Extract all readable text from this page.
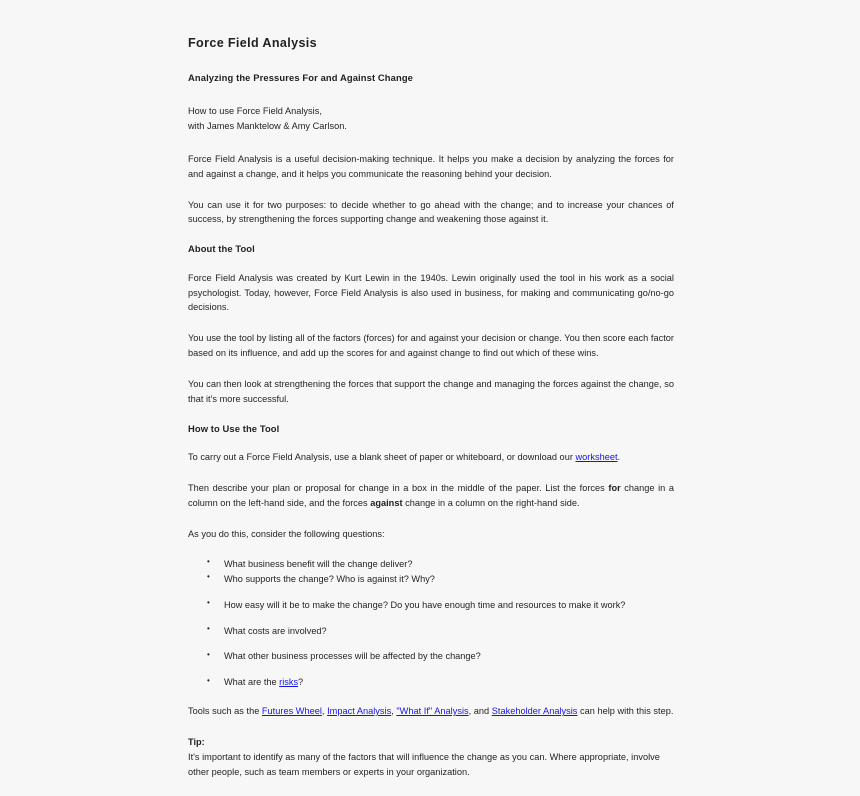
Force Field Analysis
Analyzing the Pressures For and Against Change

How to use Force Field Analysis,
with James Manktelow & Amy Carlson.

Force Field Analysis is a useful decision-making technique. It helps you make a decision by analyzing the forces for and against a change, and it helps you communicate the reasoning behind your decision.

You can use it for two purposes: to decide whether to go ahead with the change; and to increase your chances of success, by strengthening the forces supporting change and weakening those against it.

About the Tool

Force Field Analysis was created by Kurt Lewin in the 1940s. Lewin originally used the tool in his work as a social psychologist. Today, however, Force Field Analysis is also used in business, for making and communicating go/no-go decisions.

You use the tool by listing all of the factors (forces) for and against your decision or change. You then score each factor based on its influence, and add up the scores for and against change to find out which of these wins.

You can then look at strengthening the forces that support the change and managing the forces against the change, so that it's more successful.

How to Use the Tool

To carry out a Force Field Analysis, use a blank sheet of paper or whiteboard, or download our worksheet.

Then describe your plan or proposal for change in a box in the middle of the paper. List the forces for change in a column on the left-hand side, and the forces against change in a column on the right-hand side.

As you do this, consider the following questions:

• What business benefit will the change deliver?
• Who supports the change? Who is against it? Why?
• How easy will it be to make the change? Do you have enough time and resources to make it work?
• What costs are involved?
• What other business processes will be affected by the change?
• What are the risks?

Tools such as the Futures Wheel, Impact Analysis, "What If" Analysis, and Stakeholder Analysis can help with this step.

Tip:

It's important to identify as many of the factors that will influence the change as you can. Where appropriate, involve other people, such as team members or experts in your organization.
